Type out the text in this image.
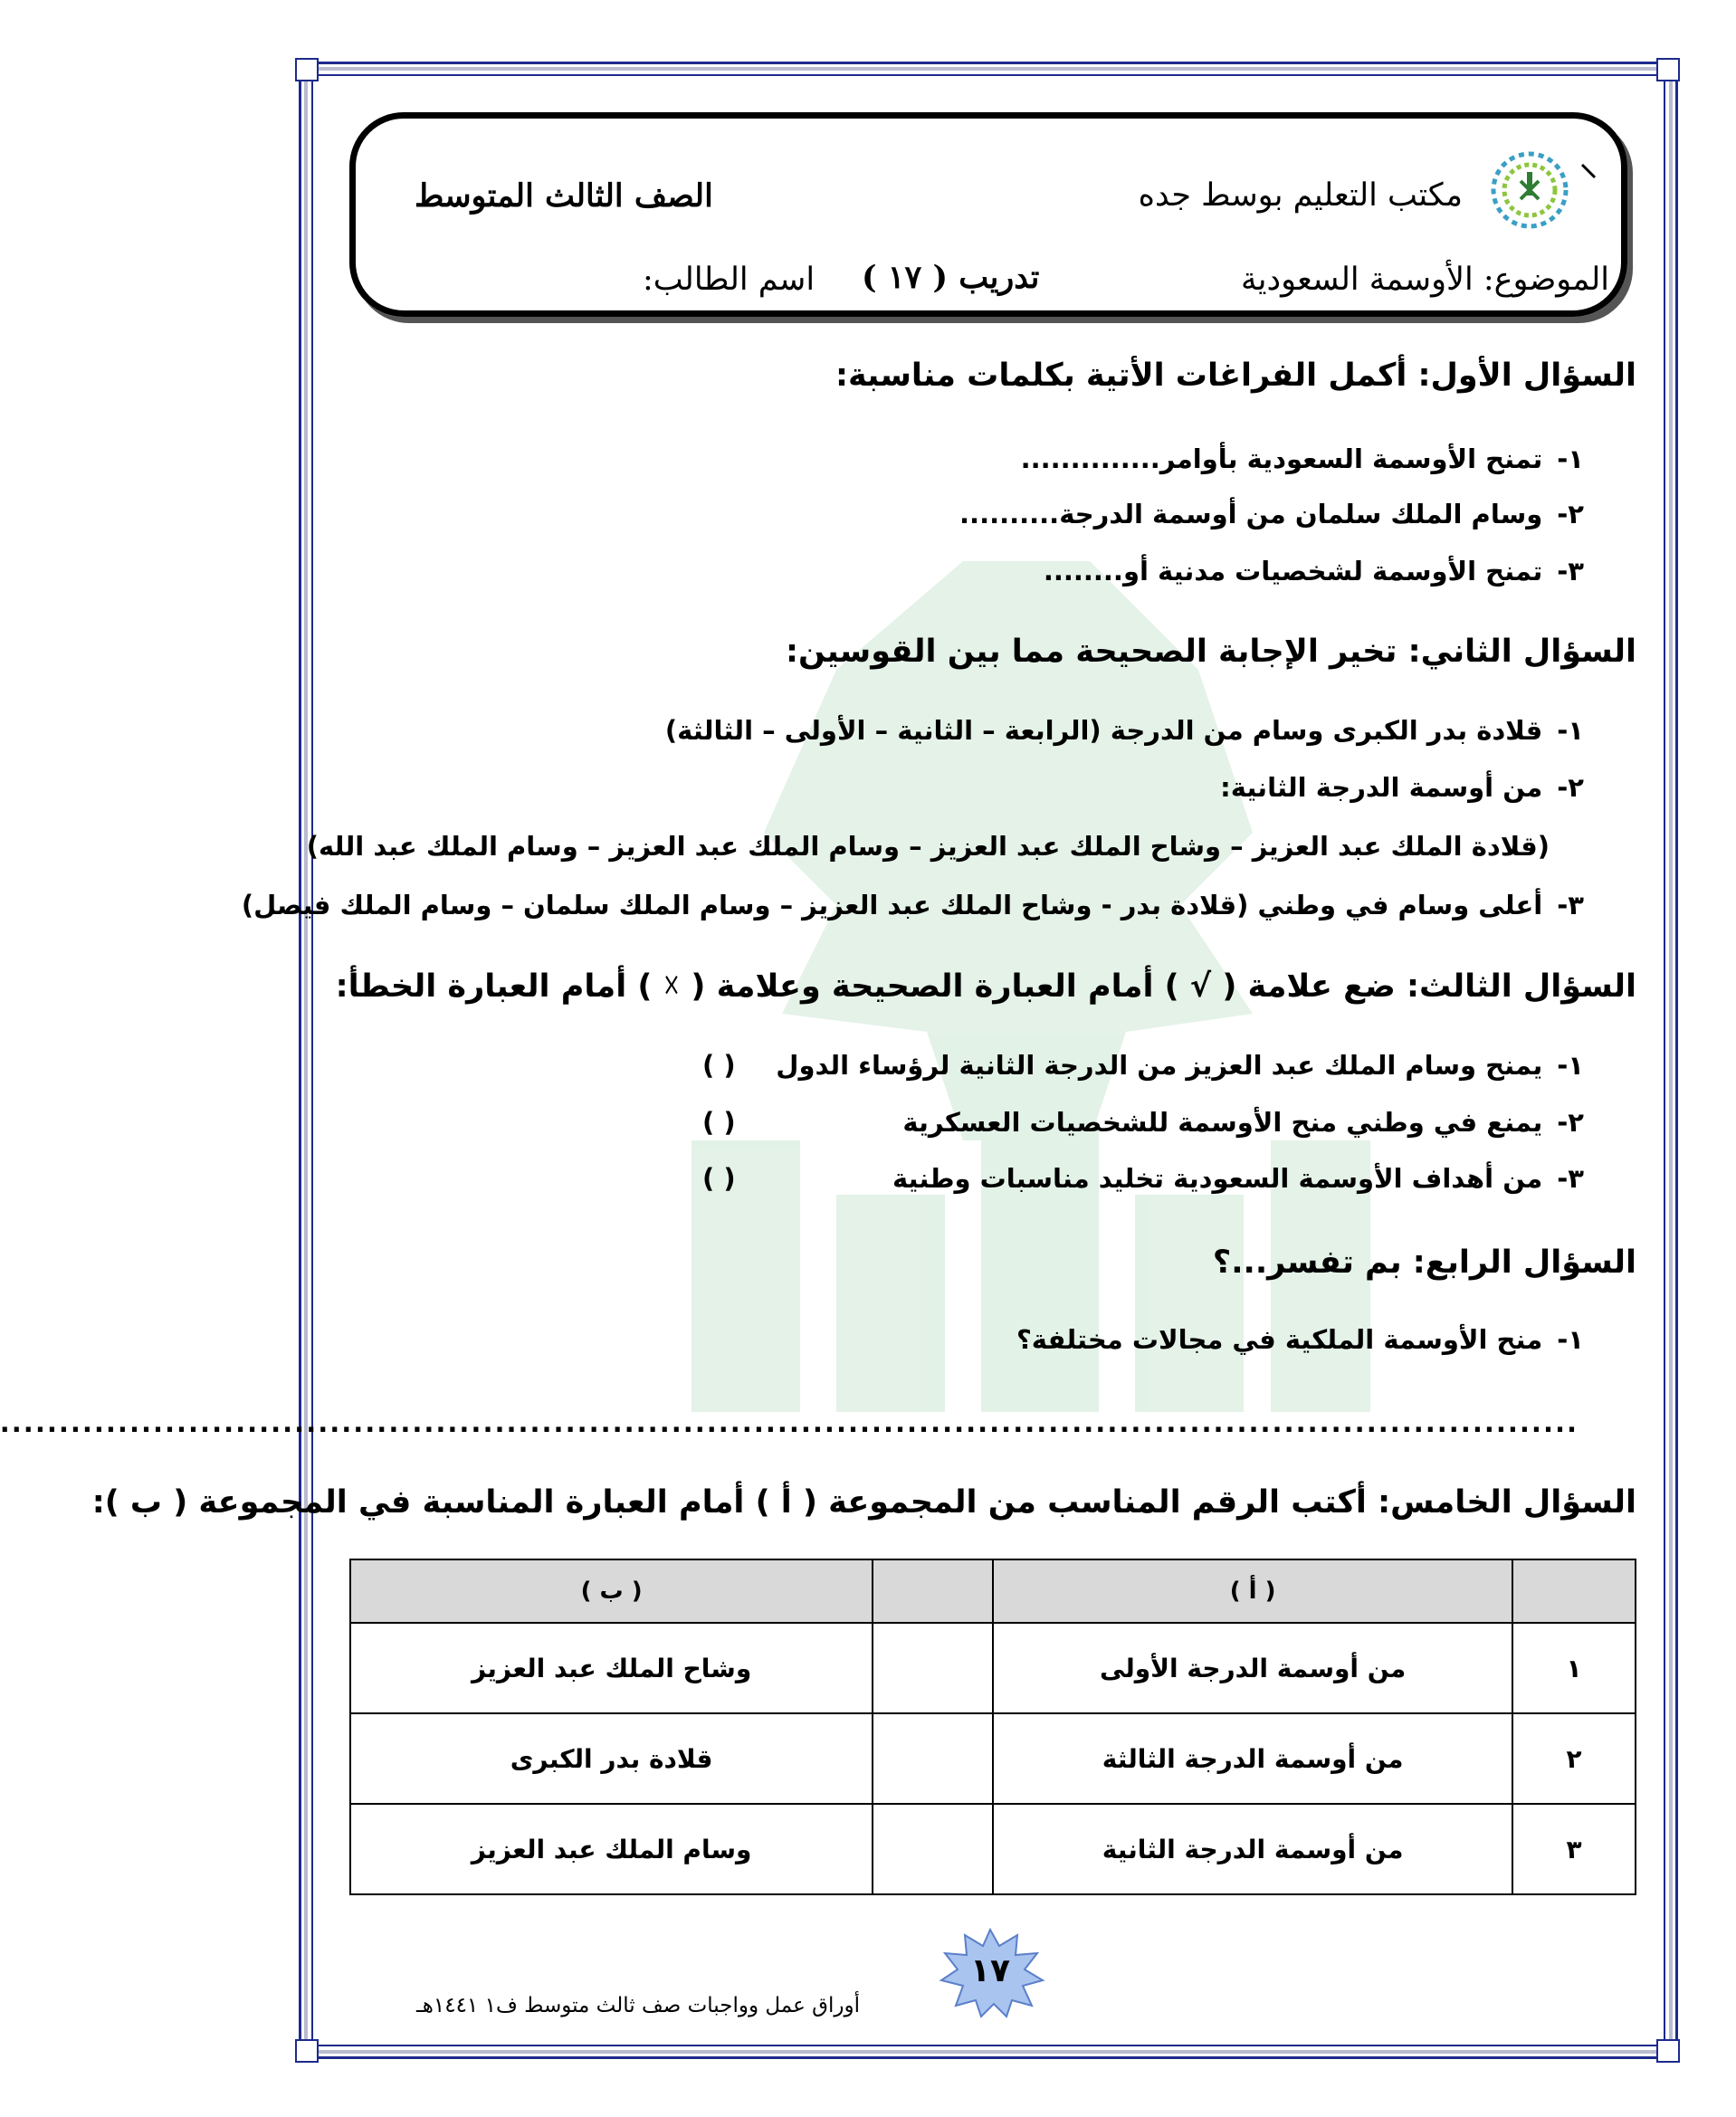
مكتب التعليم بوسط جده
الصف الثالث المتوسط
الموضوع: الأوسمة السعودية
تدريب ( ١٧ )
اسم الطالب:
السؤال الأول: أكمل الفراغات الأتية بكلمات مناسبة:
١-تمنح الأوسمة السعودية بأوامر..............
٢-وسام الملك سلمان من أوسمة الدرجة..........
٣-تمنح الأوسمة لشخصيات مدنية أو........
السؤال الثاني: تخير الإجابة الصحيحة مما بين القوسين:
١-قلادة بدر الكبرى وسام من الدرجة (الرابعة – الثانية – الأولى – الثالثة)
٢-من أوسمة الدرجة الثانية:
(قلادة الملك عبد العزيز – وشاح الملك عبد العزيز – وسام الملك عبد العزيز – وسام الملك عبد الله)
٣-أعلى وسام في وطني (قلادة بدر - وشاح الملك عبد العزيز – وسام الملك سلمان – وسام الملك فيصل)
السؤال الثالث: ضع علامة ( √ ) أمام العبارة الصحيحة وعلامة ( ☓ ) أمام العبارة الخطأ:
١-يمنح وسام الملك عبد العزيز من الدرجة الثانية لرؤساء الدول
( )
٢-يمنع في وطني منح الأوسمة للشخصيات العسكرية
( )
٣-من أهداف الأوسمة السعودية تخليد مناسبات وطنية
( )
السؤال الرابع: بم تفسر...؟
١-منح الأوسمة الملكية في مجالات مختلفة؟
......................................................................................................................................
السؤال الخامس: أكتب الرقم المناسب من المجموعة ( أ ) أمام العبارة المناسبة في المجموعة ( ب ):
	( أ )		( ب )
١	من أوسمة الدرجة الأولى		وشاح الملك عبد العزيز
٢	من أوسمة الدرجة الثالثة		قلادة بدر الكبرى
٣	من أوسمة الدرجة الثانية		وسام الملك عبد العزيز
١٧
أوراق عمل وواجبات صف ثالث متوسط ف١ ١٤٤١هـ
